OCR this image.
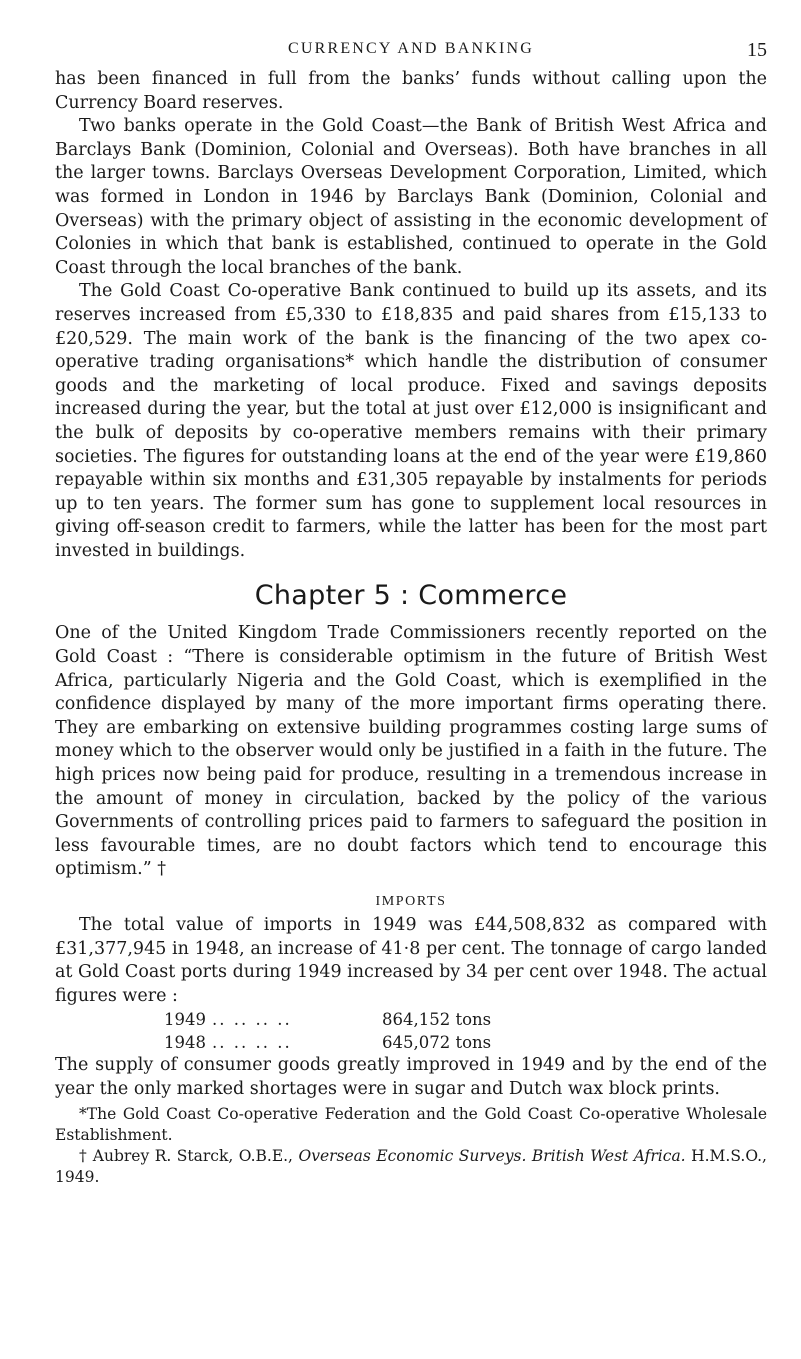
CURRENCY AND BANKING	15

has been financed in full from the banks’ funds without calling upon the Currency Board reserves.

Two banks operate in the Gold Coast—the Bank of British West Africa and Barclays Bank (Dominion, Colonial and Overseas). Both have branches in all the larger towns. Barclays Overseas Development Corporation, Limited, which was formed in London in 1946 by Barclays Bank (Dominion, Colonial and Overseas) with the primary object of assisting in the economic development of Colonies in which that bank is established, continued to operate in the Gold Coast through the local branches of the bank.

The Gold Coast Co-operative Bank continued to build up its assets, and its reserves increased from £5,330 to £18,835 and paid shares from £15,133 to £20,529. The main work of the bank is the financing of the two apex co-operative trading organisations* which handle the distribution of consumer goods and the marketing of local produce. Fixed and savings deposits increased during the year, but the total at just over £12,000 is insignificant and the bulk of deposits by co-operative members remains with their primary societies. The figures for outstanding loans at the end of the year were £19,860 repayable within six months and £31,305 repayable by instalments for periods up to ten years. The former sum has gone to supplement local resources in giving off-season credit to farmers, while the latter has been for the most part invested in buildings.

Chapter 5 : Commerce

One of the United Kingdom Trade Commissioners recently reported on the Gold Coast : “There is considerable optimism in the future of British West Africa, particularly Nigeria and the Gold Coast, which is exemplified in the confidence displayed by many of the more important firms operating there. They are embarking on extensive building programmes costing large sums of money which to the observer would only be justified in a faith in the future. The high prices now being paid for produce, resulting in a tremendous increase in the amount of money in circulation, backed by the policy of the various Governments of controlling prices paid to farmers to safeguard the position in less favourable times, are no doubt factors which tend to encourage this optimism.” †

IMPORTS

The total value of imports in 1949 was £44,508,832 as compared with £31,377,945 in 1948, an increase of 41·8 per cent. The tonnage of cargo landed at Gold Coast ports during 1949 increased by 34 per cent over 1948. The actual figures were :

1949 .. .. .. ..	864,152 tons
1948 .. .. .. ..	645,072 tons

The supply of consumer goods greatly improved in 1949 and by the end of the year the only marked shortages were in sugar and Dutch wax block prints.

*The Gold Coast Co-operative Federation and the Gold Coast Co-operative Wholesale Establishment.
† Aubrey R. Starck, O.B.E., Overseas Economic Surveys. British West Africa. H.M.S.O., 1949.
